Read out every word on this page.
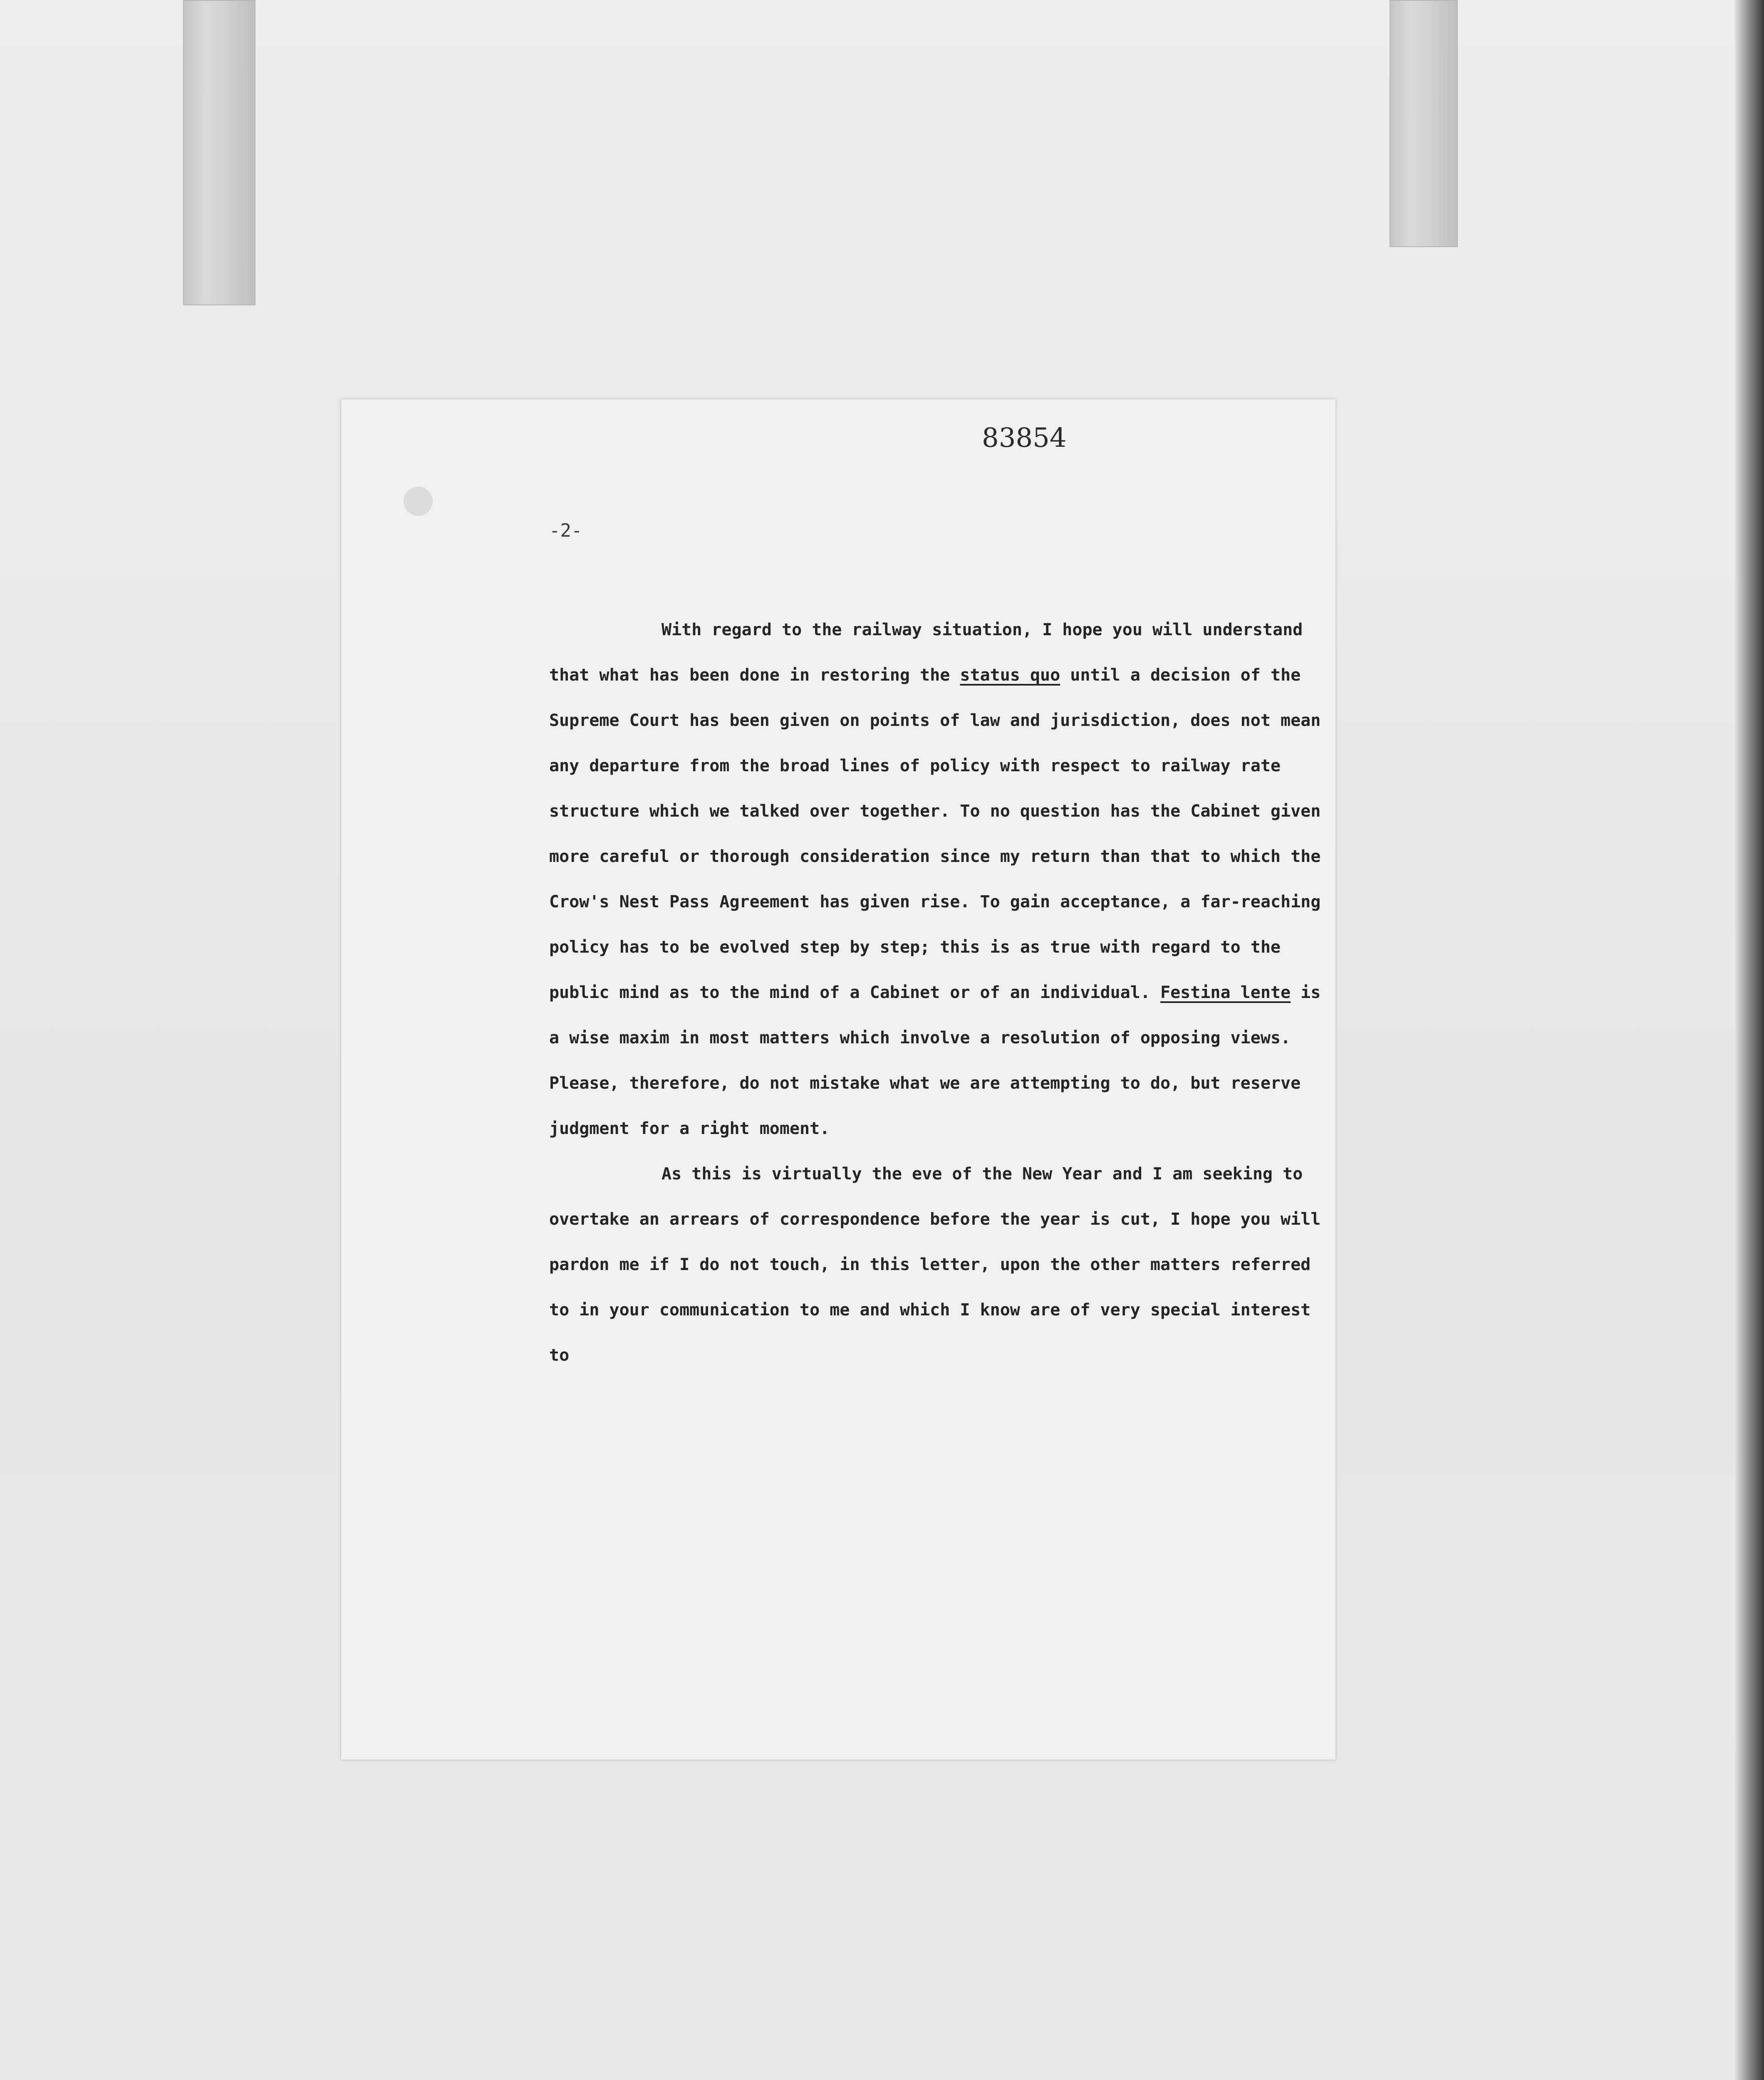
83854

-2-

With regard to the railway situation, I hope you will understand that what has been done in restoring the status quo until a decision of the Supreme Court has been given on points of law and jurisdiction, does not mean any departure from the broad lines of policy with respect to railway rate structure which we talked over together. To no question has the Cabinet given more careful or thorough consideration since my return than that to which the Crow's Nest Pass Agreement has given rise. To gain acceptance, a far-reaching policy has to be evolved step by step; this is as true with regard to the public mind as to the mind of a Cabinet or of an individual. Festina lente is a wise maxim in most matters which involve a resolution of opposing views. Please, therefore, do not mistake what we are attempting to do, but reserve judgment for a right moment.

As this is virtually the eve of the New Year and I am seeking to overtake an arrears of correspondence before the year is cut, I hope you will pardon me if I do not touch, in this letter, upon the other matters referred to in your communication to me and which I know are of very special interest to
